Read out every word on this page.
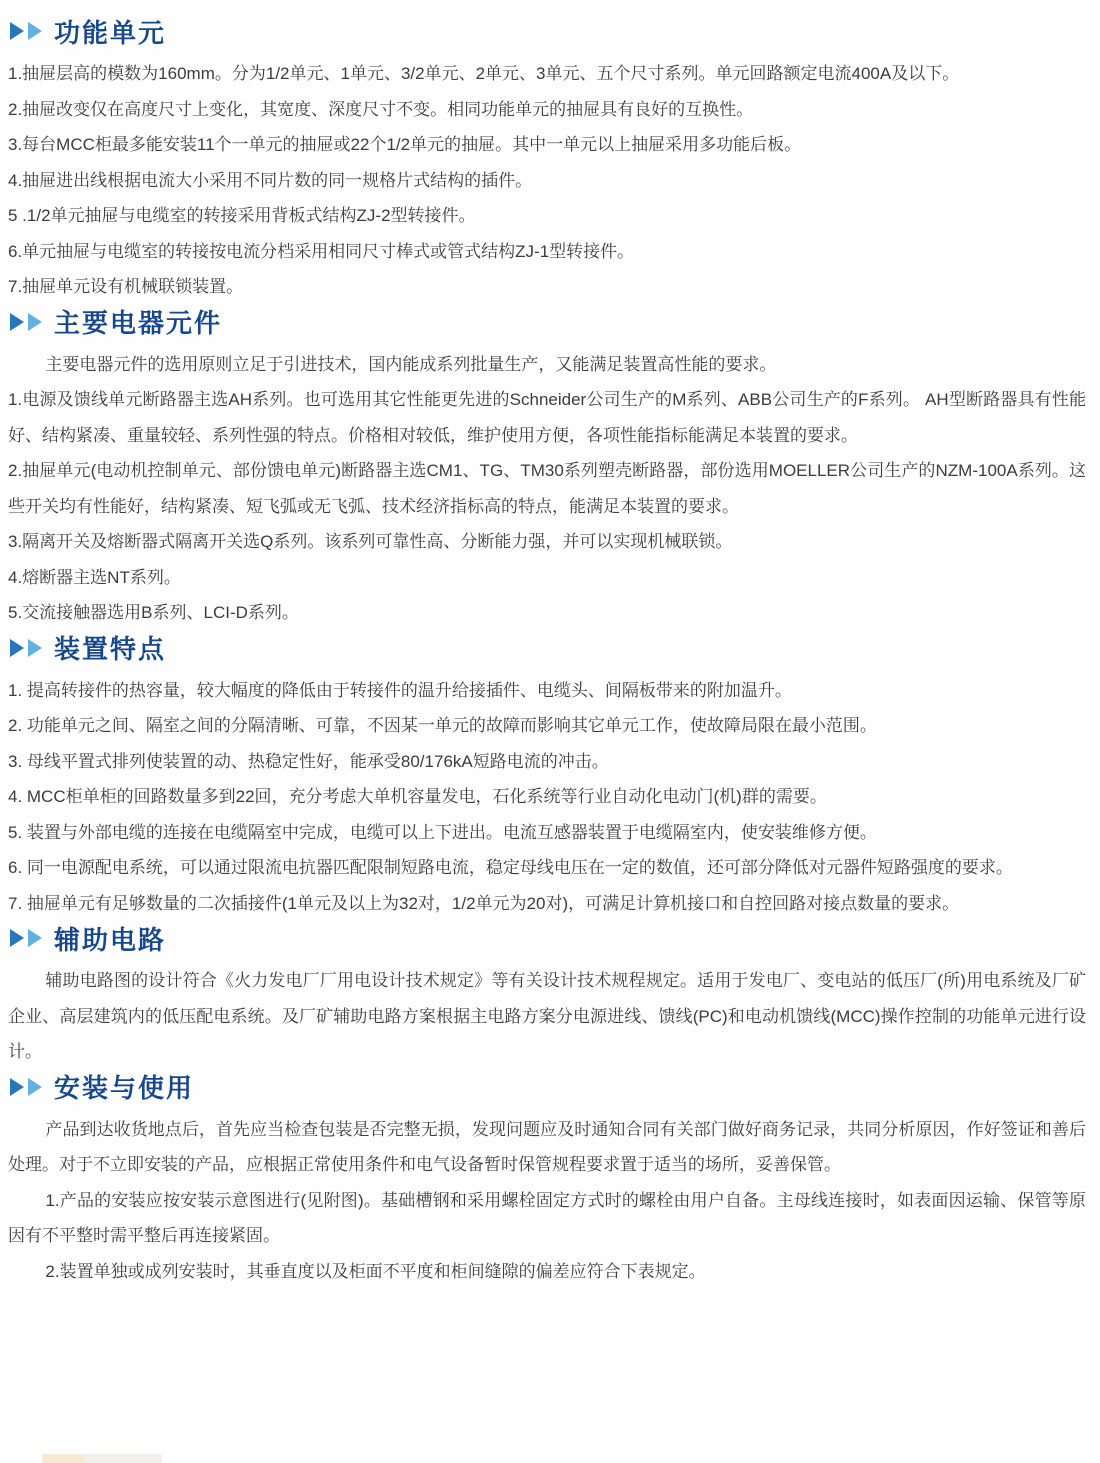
功能单元

1.抽屉层高的模数为160mm。分为1/2单元、1单元、3/2单元、2单元、3单元、五个尺寸系列。单元回路额定电流400A及以下。

2.抽屉改变仅在高度尺寸上变化，其宽度、深度尺寸不变。相同功能单元的抽屉具有良好的互换性。

3.每台MCC柜最多能安装11个一单元的抽屉或22个1/2单元的抽屉。其中一单元以上抽屉采用多功能后板。

4.抽屉进出线根据电流大小采用不同片数的同一规格片式结构的插件。

5 .1/2单元抽屉与电缆室的转接采用背板式结构ZJ-2型转接件。

6.单元抽屉与电缆室的转接按电流分档采用相同尺寸棒式或管式结构ZJ-1型转接件。

7.抽屉单元设有机械联锁装置。

主要电器元件

主要电器元件的选用原则立足于引进技术，国内能成系列批量生产，又能满足装置高性能的要求。

1.电源及馈线单元断路器主选AH系列。也可选用其它性能更先进的Schneider公司生产的M系列、ABB公司生产的F系列。 AH型断路器具有性能好、结构紧凑、重量较轻、系列性强的特点。价格相对较低，维护使用方便，各项性能指标能满足本装置的要求。

2.抽屉单元(电动机控制单元、部份馈电单元)断路器主选CM1、TG、TM30系列塑壳断路器，部份选用MOELLER公司生产的NZM-100A系列。这些开关均有性能好，结构紧凑、短飞弧或无飞弧、技术经济指标高的特点，能满足本装置的要求。

3.隔离开关及熔断器式隔离开关选Q系列。该系列可靠性高、分断能力强，并可以实现机械联锁。

4.熔断器主选NT系列。

5.交流接触器选用B系列、LCI-D系列。

装置特点

1. 提高转接件的热容量，较大幅度的降低由于转接件的温升给接插件、电缆头、间隔板带来的附加温升。

2. 功能单元之间、隔室之间的分隔清晰、可靠，不因某一单元的故障而影响其它单元工作，使故障局限在最小范围。

3. 母线平置式排列使装置的动、热稳定性好，能承受80/176kA短路电流的冲击。

4. MCC柜单柜的回路数量多到22回，充分考虑大单机容量发电，石化系统等行业自动化电动门(机)群的需要。

5. 装置与外部电缆的连接在电缆隔室中完成，电缆可以上下进出。电流互感器装置于电缆隔室内，使安装维修方便。

6. 同一电源配电系统，可以通过限流电抗器匹配限制短路电流，稳定母线电压在一定的数值，还可部分降低对元器件短路强度的要求。

7. 抽屉单元有足够数量的二次插接件(1单元及以上为32对，1/2单元为20对)，可满足计算机接口和自控回路对接点数量的要求。

辅助电路

辅助电路图的设计符合《火力发电厂厂用电设计技术规定》等有关设计技术规程规定。适用于发电厂、变电站的低压厂(所)用电系统及厂矿企业、高层建筑内的低压配电系统。及厂矿辅助电路方案根据主电路方案分电源进线、馈线(PC)和电动机馈线(MCC)操作控制的功能单元进行设计。

安装与使用

产品到达收货地点后，首先应当检查包装是否完整无损，发现问题应及时通知合同有关部门做好商务记录，共同分析原因，作好签证和善后处理。对于不立即安装的产品，应根据正常使用条件和电气设备暂时保管规程要求置于适当的场所，妥善保管。

1.产品的安装应按安装示意图进行(见附图)。基础槽钢和采用螺栓固定方式时的螺栓由用户自备。主母线连接时，如表面因运输、保管等原因有不平整时需平整后再连接紧固。

2.装置单独或成列安装时，其垂直度以及柜面不平度和柜间缝隙的偏差应符合下表规定。
